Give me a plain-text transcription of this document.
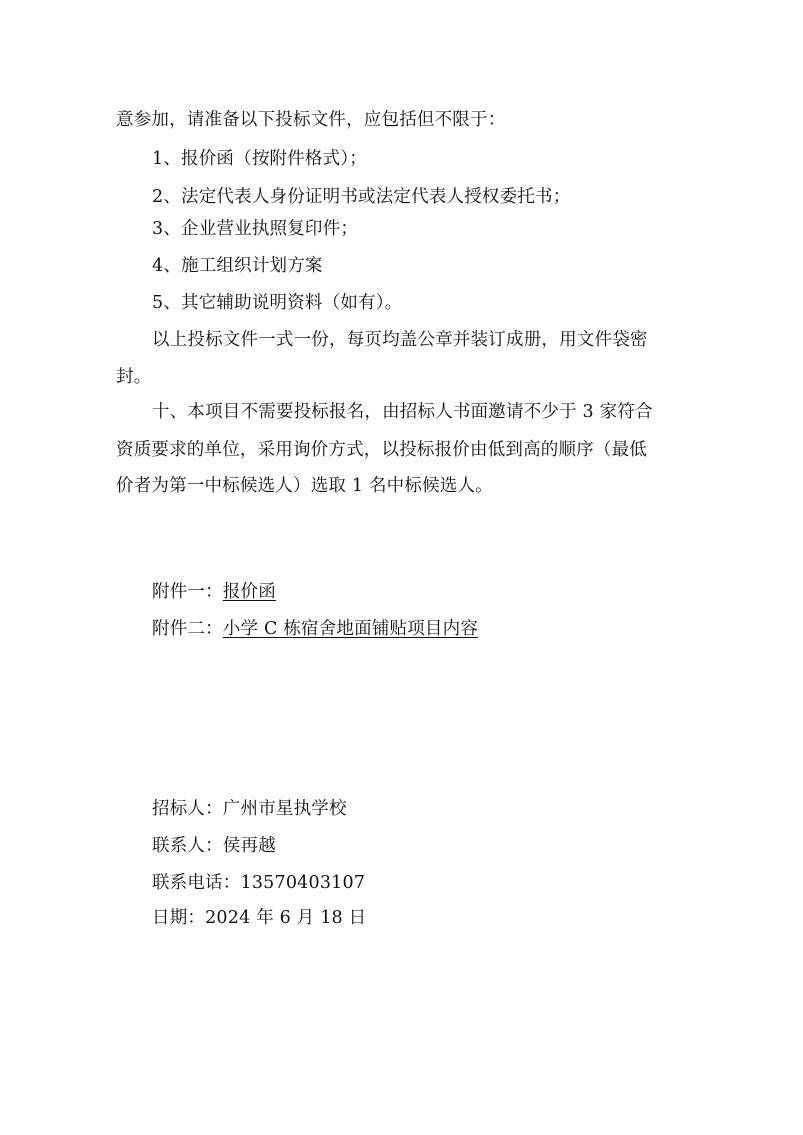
意参加，请准备以下投标文件，应包括但不限于：
1、报价函（按附件格式）；
2、法定代表人身份证明书或法定代表人授权委托书；
3、企业营业执照复印件；
4、施工组织计划方案
5、其它辅助说明资料（如有）。
以上投标文件一式一份，每页均盖公章并装订成册，用文件袋密
封。
十、本项目不需要投标报名，由招标人书面邀请不少于 3 家符合
资质要求的单位，采用询价方式，以投标报价由低到高的顺序（最低
价者为第一中标候选人）选取 1 名中标候选人。
附件一：报价函
附件二：小学 C 栋宿舍地面铺贴项目内容
招标人：广州市星执学校
联系人：侯再越
联系电话：13570403107
日期：2024 年 6 月 18 日
